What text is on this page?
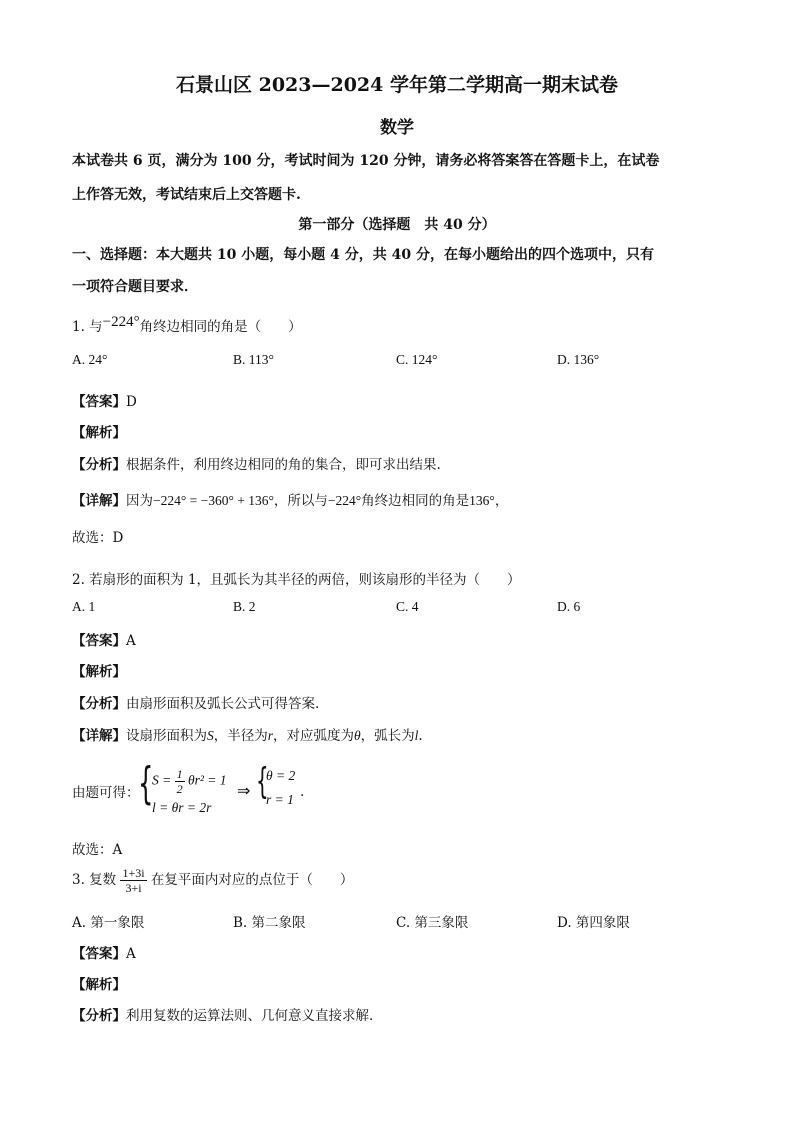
石景山区 2023—2024 学年第二学期高一期末试卷
数学
本试卷共 6 页，满分为 100 分，考试时间为 120 分钟，请务必将答案答在答题卡上，在试卷
上作答无效，考试结束后上交答题卡.
第一部分（选择题　共 40 分）
一、选择题：本大题共 10 小题，每小题 4 分，共 40 分，在每小题给出的四个选项中，只有
一项符合题目要求．
1. 与−224°角终边相同的角是（　　）
A. 24°	B. 113°	C. 124°	D. 136°
【答案】D
【解析】
【分析】根据条件，利用终边相同的角的集合，即可求出结果.
【详解】因为−224° = −360° + 136°，所以与−224°角终边相同的角是136°，
故选：D
2. 若扇形的面积为 1，且弧长为其半径的两倍，则该扇形的半径为（　　）
A. 1	B. 2	C. 4	D. 6
【答案】A
【解析】
【分析】由扇形面积及弧长公式可得答案.
【详解】设扇形面积为S，半径为r，对应弧度为θ，弧长为l.
由题可得：
{
$S = \frac{1}{2} \theta r^2 = 1$
l = θr = 2r
⇒ {
θ = 2
r = 1 .
故选：A
3. 复数 $\frac{1+3i}{3+i}$ 在复平面内对应的点位于（　　）
A. 第一象限	B. 第二象限	C. 第三象限	D. 第四象限
【答案】A
【解析】
【分析】利用复数的运算法则、几何意义直接求解．
